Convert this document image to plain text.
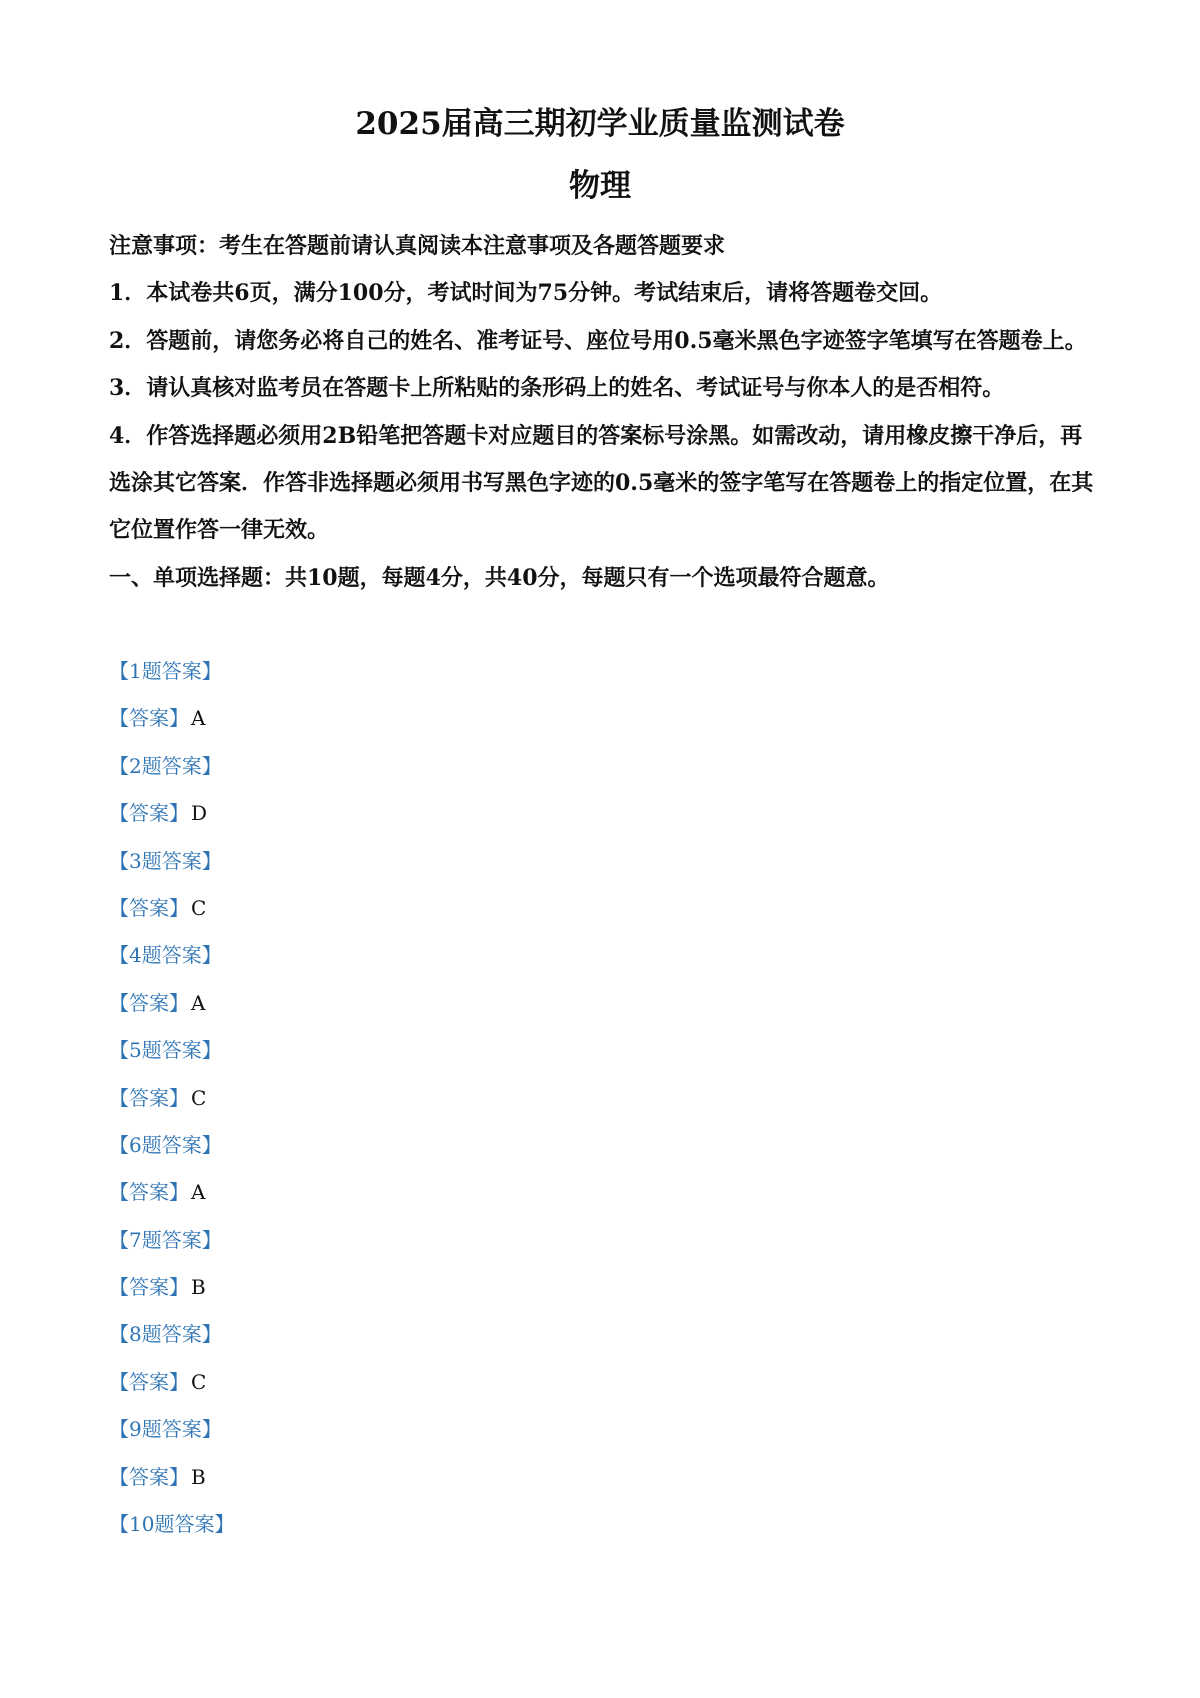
2025届高三期初学业质量监测试卷
物理

注意事项：考生在答题前请认真阅读本注意事项及各题答题要求

1．本试卷共6页，满分100分，考试时间为75分钟。考试结束后，请将答题卷交回。

2．答题前，请您务必将自己的姓名、准考证号、座位号用0.5毫米黑色字迹签字笔填写在答题卷上。

3．请认真核对监考员在答题卡上所粘贴的条形码上的姓名、考试证号与你本人的是否相符。

4．作答选择题必须用2B铅笔把答题卡对应题目的答案标号涂黑。如需改动，请用橡皮擦干净后，再选涂其它答案．作答非选择题必须用书写黑色字迹的0.5毫米的签字笔写在答题卷上的指定位置，在其它位置作答一律无效。

一、单项选择题：共10题，每题4分，共40分，每题只有一个选项最符合题意。

【1题答案】

【答案】 A

【2题答案】

【答案】 D

【3题答案】

【答案】 C

【4题答案】

【答案】 A

【5题答案】

【答案】 C

【6题答案】

【答案】 A

【7题答案】

【答案】 B

【8题答案】

【答案】 C

【9题答案】

【答案】 B

【10题答案】
